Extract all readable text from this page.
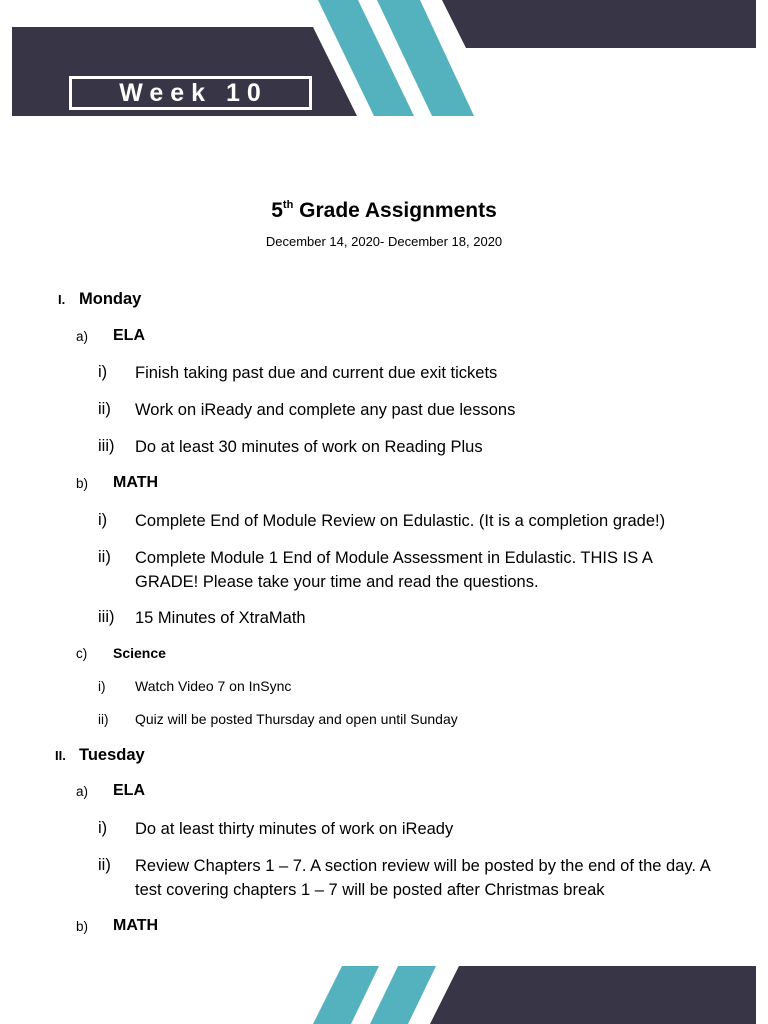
Week 10
5th Grade Assignments
December 14, 2020- December 18, 2020
I. Monday
a) ELA
i) Finish taking past due and current due exit tickets
ii) Work on iReady and complete any past due lessons
iii) Do at least 30 minutes of work on Reading Plus
b) MATH
i) Complete End of Module Review on Edulastic. (It is a completion grade!)
ii) Complete Module 1 End of Module Assessment in Edulastic. THIS IS A GRADE! Please take your time and read the questions.
iii) 15 Minutes of XtraMath
c) Science
i) Watch Video 7 on InSync
ii) Quiz will be posted Thursday and open until Sunday
II. Tuesday
a) ELA
i) Do at least thirty minutes of work on iReady
ii) Review Chapters 1 – 7. A section review will be posted by the end of the day. A test covering chapters 1 – 7 will be posted after Christmas break
b) MATH
